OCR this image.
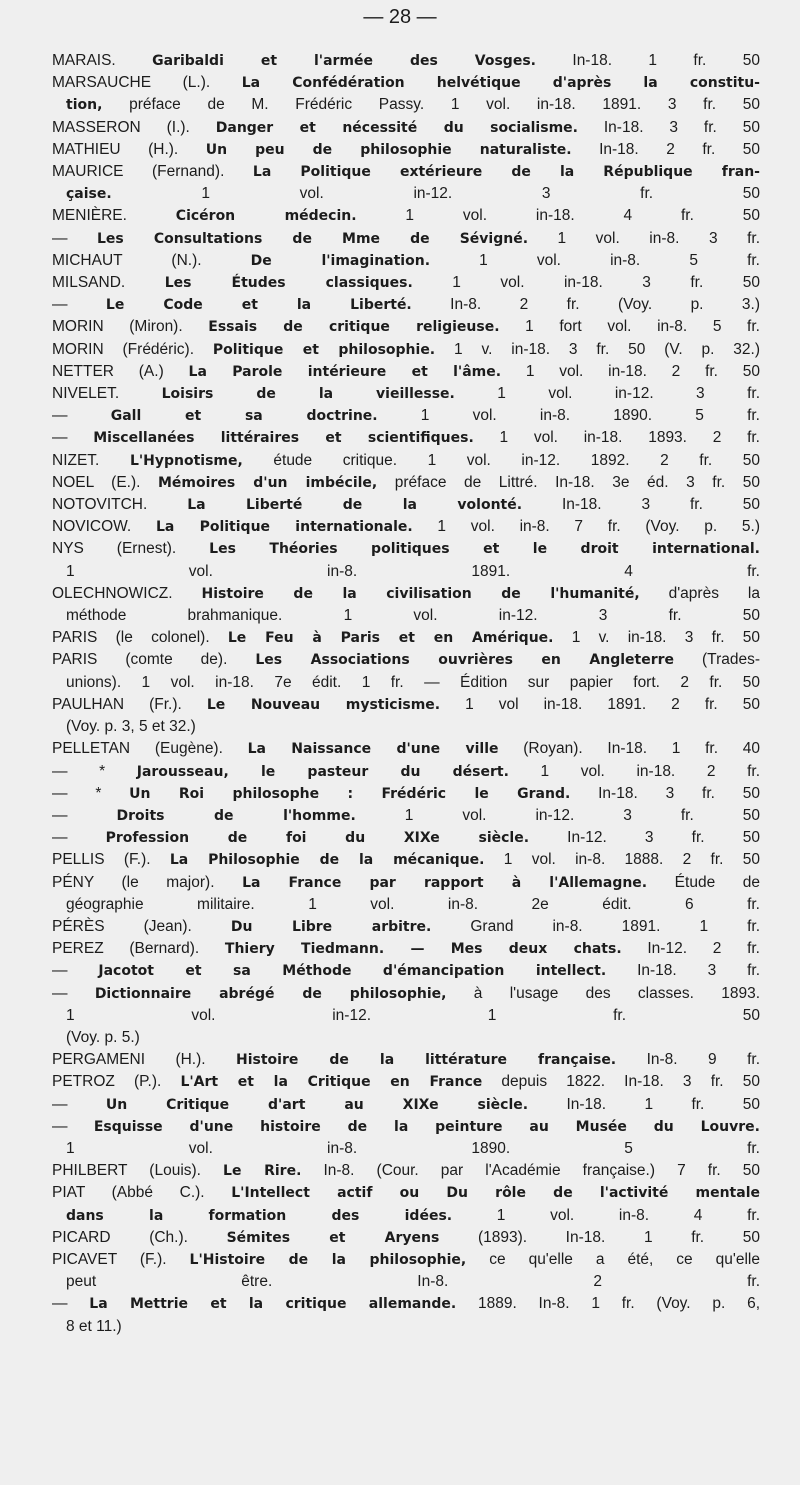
— 28 —

MARAIS. Garibaldi et l'armée des Vosges. In-18. 1 fr. 50

MARSAUCHE (L.). La Confédération helvétique d'après la constitu-

tion, préface de M. Frédéric Passy. 1 vol. in-18. 1891. 3 fr. 50

MASSERON (I.). Danger et nécessité du socialisme. In-18. 3 fr. 50

MATHIEU (H.). Un peu de philosophie naturaliste. In-18. 2 fr. 50

MAURICE (Fernand). La Politique extérieure de la République fran-

çaise. 1 vol. in-12. 3 fr. 50

MENIÈRE. Cicéron médecin. 1 vol. in-18. 4 fr. 50

— Les Consultations de Mme de Sévigné. 1 vol. in-8. 3 fr.

MICHAUT (N.). De l'imagination. 1 vol. in-8. 5 fr.

MILSAND. Les Études classiques. 1 vol. in-18. 3 fr. 50

— Le Code et la Liberté. In-8. 2 fr. (Voy. p. 3.)

MORIN (Miron). Essais de critique religieuse. 1 fort vol. in-8. 5 fr.

MORIN (Frédéric). Politique et philosophie. 1 v. in-18. 3 fr. 50 (V. p. 32.)

NETTER (A.) La Parole intérieure et l'âme. 1 vol. in-18. 2 fr. 50

NIVELET. Loisirs de la vieillesse. 1 vol. in-12. 3 fr.

— Gall et sa doctrine. 1 vol. in-8. 1890. 5 fr.

— Miscellanées littéraires et scientifiques. 1 vol. in-18. 1893. 2 fr.

NIZET. L'Hypnotisme, étude critique. 1 vol. in-12. 1892. 2 fr. 50

NOEL (E.). Mémoires d'un imbécile, préface de Littré. In-18. 3e éd. 3 fr. 50

NOTOVITCH. La Liberté de la volonté. In-18. 3 fr. 50

NOVICOW. La Politique internationale. 1 vol. in-8. 7 fr. (Voy. p. 5.)

NYS (Ernest). Les Théories politiques et le droit international.

1 vol. in-8. 1891. 4 fr.

OLECHNOWICZ. Histoire de la civilisation de l'humanité, d'après la

méthode brahmanique. 1 vol. in-12. 3 fr. 50

PARIS (le colonel). Le Feu à Paris et en Amérique. 1 v. in-18. 3 fr. 50

PARIS (comte de). Les Associations ouvrières en Angleterre (Trades-

unions). 1 vol. in-18. 7e édit. 1 fr. — Édition sur papier fort. 2 fr. 50

PAULHAN (Fr.). Le Nouveau mysticisme. 1 vol in-18. 1891. 2 fr. 50

(Voy. p. 3, 5 et 32.)

PELLETAN (Eugène). La Naissance d'une ville (Royan). In-18. 1 fr. 40

— * Jarousseau, le pasteur du désert. 1 vol. in-18. 2 fr.

— * Un Roi philosophe : Frédéric le Grand. In-18. 3 fr. 50

— Droits de l'homme. 1 vol. in-12. 3 fr. 50

— Profession de foi du XIXe siècle. In-12. 3 fr. 50

PELLIS (F.). La Philosophie de la mécanique. 1 vol. in-8. 1888. 2 fr. 50

PÉNY (le major). La France par rapport à l'Allemagne. Étude de

géographie militaire. 1 vol. in-8. 2e édit. 6 fr.

PÉRÈS (Jean). Du Libre arbitre. Grand in-8. 1891. 1 fr.

PEREZ (Bernard). Thiery Tiedmann. — Mes deux chats. In-12. 2 fr.

— Jacotot et sa Méthode d'émancipation intellect. In-18. 3 fr.

— Dictionnaire abrégé de philosophie, à l'usage des classes. 1893.

1 vol. in-12. 1 fr. 50

(Voy. p. 5.)

PERGAMENI (H.). Histoire de la littérature française. In-8. 9 fr.

PETROZ (P.). L'Art et la Critique en France depuis 1822. In-18. 3 fr. 50

— Un Critique d'art au XIXe siècle. In-18. 1 fr. 50

— Esquisse d'une histoire de la peinture au Musée du Louvre.

1 vol. in-8. 1890. 5 fr.

PHILBERT (Louis). Le Rire. In-8. (Cour. par l'Académie française.) 7 fr. 50

PIAT (Abbé C.). L'Intellect actif ou Du rôle de l'activité mentale

dans la formation des idées. 1 vol. in-8. 4 fr.

PICARD (Ch.). Sémites et Aryens (1893). In-18. 1 fr. 50

PICAVET (F.). L'Histoire de la philosophie, ce qu'elle a été, ce qu'elle

peut être. In-8. 2 fr.

— La Mettrie et la critique allemande. 1889. In-8. 1 fr. (Voy. p. 6,

8 et 11.)
